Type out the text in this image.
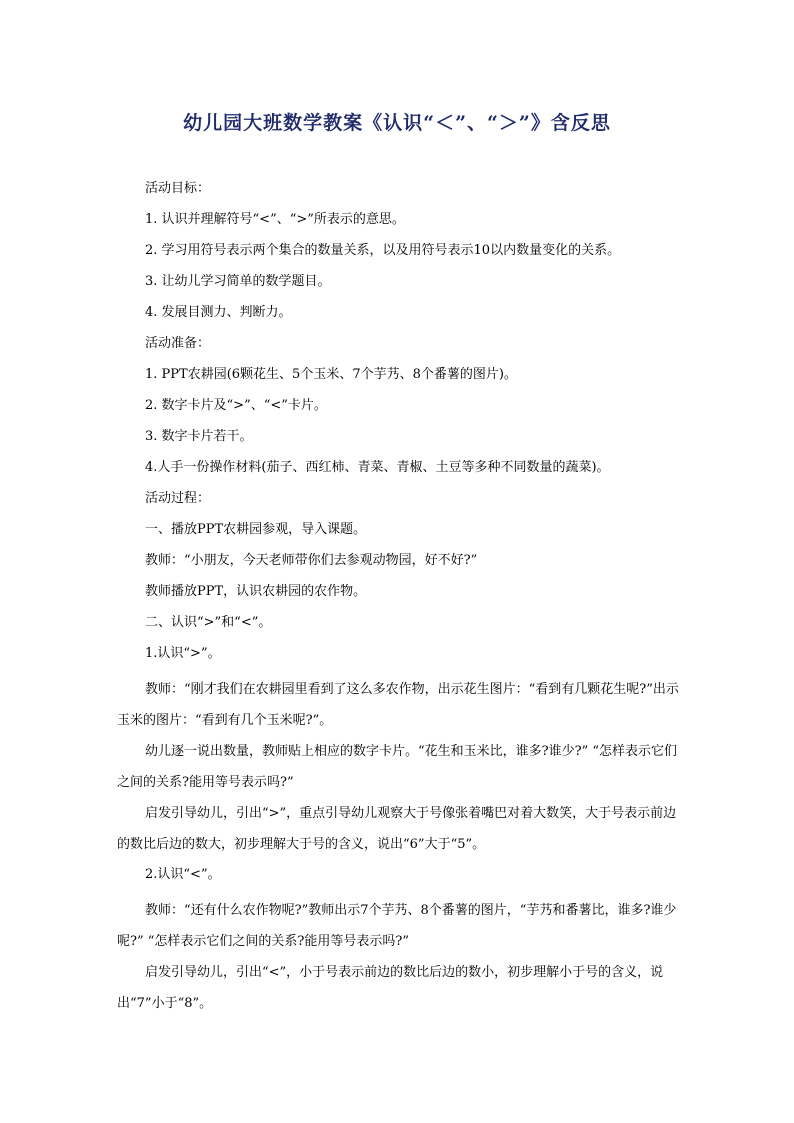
幼儿园大班数学教案《认识“＜”、“＞”》含反思

活动目标：

1. 认识并理解符号“<”、“>”所表示的意思。

2. 学习用符号表示两个集合的数量关系，以及用符号表示10以内数量变化的关系。

3. 让幼儿学习简单的数学题目。

4. 发展目测力、判断力。

活动准备：

1. PPT农耕园(6颗花生、5个玉米、7个芋艿、8个番薯的图片)。

2. 数字卡片及“>”、“<”卡片。

3. 数字卡片若干。

4.人手一份操作材料(茄子、西红柿、青菜、青椒、土豆等多种不同数量的蔬菜)。

活动过程：

一、播放PPT农耕园参观，导入课题。

教师：“小朋友，今天老师带你们去参观动物园，好不好?”

教师播放PPT，认识农耕园的农作物。

二、认识“>”和“<”。

1.认识“>”。

教师：“刚才我们在农耕园里看到了这么多农作物，出示花生图片：“看到有几颗花生呢?”出示玉米的图片：“看到有几个玉米呢?”。

幼儿逐一说出数量，教师贴上相应的数字卡片。“花生和玉米比，谁多?谁少?” “怎样表示它们之间的关系?能用等号表示吗?”

启发引导幼儿，引出“>”，重点引导幼儿观察大于号像张着嘴巴对着大数笑，大于号表示前边的数比后边的数大，初步理解大于号的含义，说出“6”大于“5”。

2.认识“<”。

教师：“还有什么农作物呢?”教师出示7个芋艿、8个番薯的图片，“芋艿和番薯比，谁多?谁少呢?” “怎样表示它们之间的关系?能用等号表示吗?”

启发引导幼儿，引出“<”，小于号表示前边的数比后边的数小，初步理解小于号的含义，说出“7”小于“8”。
